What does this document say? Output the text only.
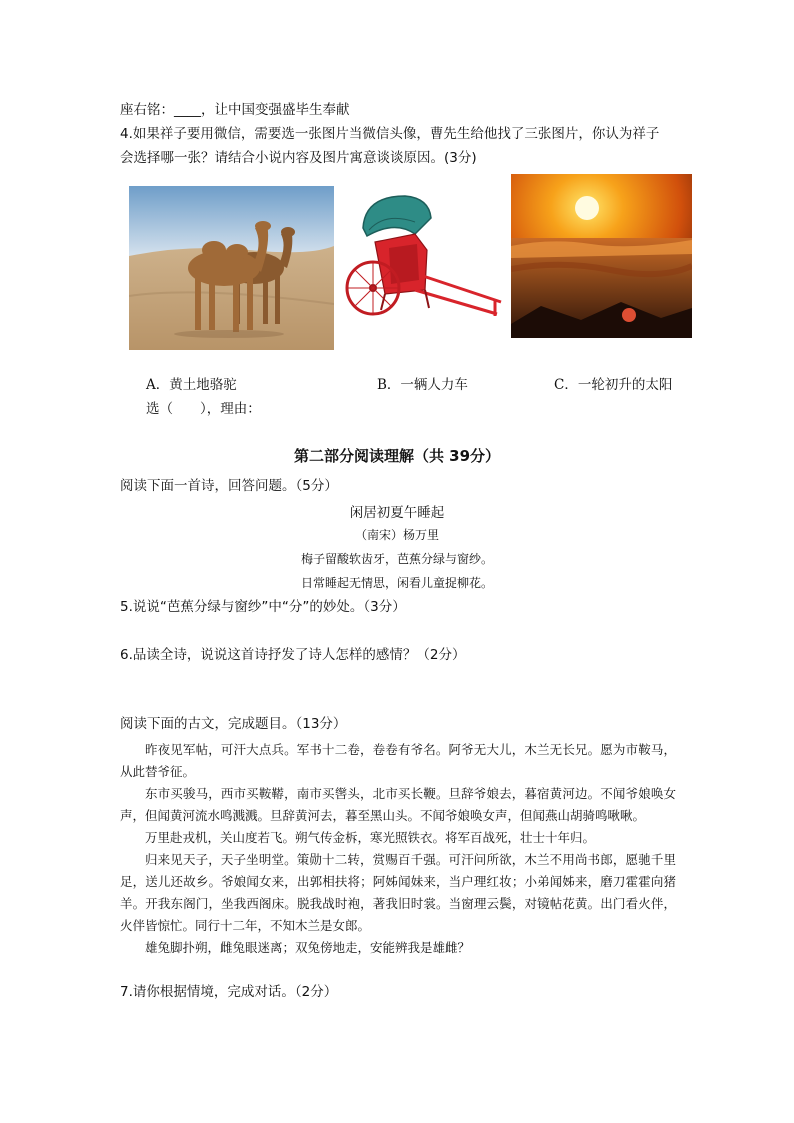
座右铭：____，让中国变强盛毕生奉献
4.如果祥子要用微信，需要选一张图片当微信头像，曹先生给他找了三张图片，你认为祥子
会选择哪一张？请结合小说内容及图片寓意谈谈原因。(3分)
A．黄土地骆驼	B．一辆人力车	C．一轮初升的太阳
选（　　），理由：
第二部分阅读理解（共 39分）
阅读下面一首诗，回答问题。（5分）
闲居初夏午睡起
（南宋）杨万里
梅子留酸软齿牙，芭蕉分绿与窗纱。
日常睡起无情思，闲看儿童捉柳花。
5.说说“芭蕉分绿与窗纱”中“分”的妙处。（3分）
6.品读全诗，说说这首诗抒发了诗人怎样的感情？（2分）
阅读下面的古文，完成题目。（13分）

昨夜见军帖，可汗大点兵。军书十二卷，卷卷有爷名。阿爷无大儿，木兰无长兄。愿为市鞍马，从此替爷征。

东市买骏马，西市买鞍鞯，南市买辔头，北市买长鞭。旦辞爷娘去，暮宿黄河边。不闻爷娘唤女声，但闻黄河流水鸣溅溅。旦辞黄河去，暮至黑山头。不闻爷娘唤女声，但闻燕山胡骑鸣啾啾。

万里赴戎机，关山度若飞。朔气传金柝，寒光照铁衣。将军百战死，壮士十年归。

归来见天子，天子坐明堂。策勋十二转，赏赐百千强。可汗问所欲，木兰不用尚书郎，愿驰千里足，送儿还故乡。爷娘闻女来，出郭相扶将；阿姊闻妹来，当户理红妆；小弟闻姊来，磨刀霍霍向猪羊。开我东阁门，坐我西阁床。脱我战时袍，著我旧时裳。当窗理云鬓，对镜帖花黄。出门看火伴，火伴皆惊忙。同行十二年，不知木兰是女郎。

雄兔脚扑朔，雌兔眼迷离；双兔傍地走，安能辨我是雄雌？

7.请你根据情境，完成对话。（2分）
